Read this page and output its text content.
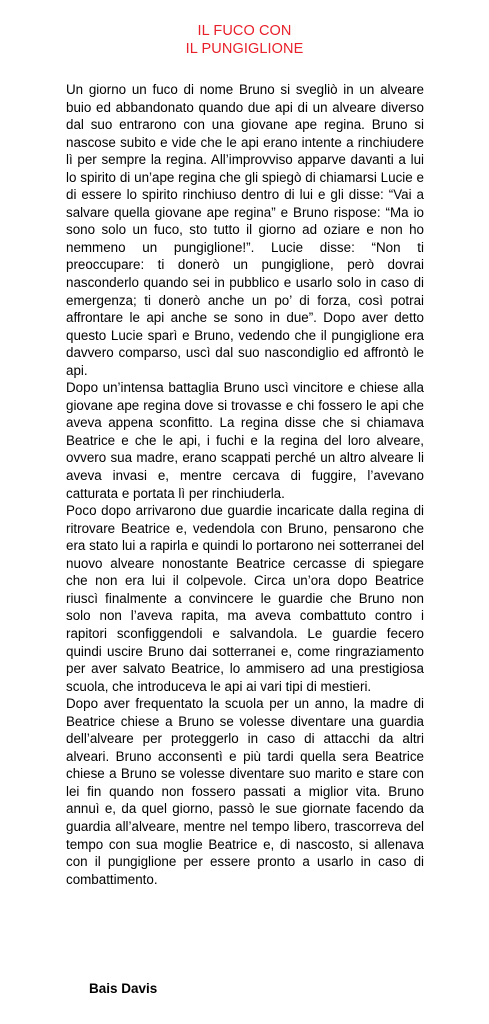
IL FUCO CON
IL PUNGIGLIONE

Un giorno un fuco di nome Bruno si svegliò in un alveare buio ed abbandonato quando due api di un alveare diverso dal suo entrarono con una giovane ape regina. Bruno si nascose subito e vide che le api erano intente a rinchiudere lì per sempre la regina. All’improvviso apparve davanti a lui lo spirito di un’ape regina che gli spiegò di chiamarsi Lucie e di essere lo spirito rinchiuso dentro di lui e gli disse: “Vai a salvare quella giovane ape regina” e Bruno rispose: “Ma io sono solo un fuco, sto tutto il giorno ad oziare e non ho nemmeno un pungiglione!”. Lucie disse: “Non ti preoccupare: ti donerò un pungiglione, però dovrai nasconderlo quando sei in pubblico e usarlo solo in caso di emergenza; ti donerò anche un po’ di forza, così potrai affrontare le api anche se sono in due”. Dopo aver detto questo Lucie sparì e Bruno, vedendo che il pungiglione era davvero comparso, uscì dal suo nascondiglio ed affrontò le api.

Dopo un’intensa battaglia Bruno uscì vincitore e chiese alla giovane ape regina dove si trovasse e chi fossero le api che aveva appena sconfitto. La regina disse che si chiamava Beatrice e che le api, i fuchi e la regina del loro alveare, ovvero sua madre, erano scappati perché un altro alveare li aveva invasi e, mentre cercava di fuggire, l’avevano catturata e portata lì per rinchiuderla.

Poco dopo arrivarono due guardie incaricate dalla regina di ritrovare Beatrice e, vedendola con Bruno, pensarono che era stato lui a rapirla e quindi lo portarono nei sotterranei del nuovo alveare nonostante Beatrice cercasse di spiegare che non era lui il colpevole. Circa un’ora dopo Beatrice riuscì finalmente a convincere le guardie che Bruno non solo non l’aveva rapita, ma aveva combattuto contro i rapitori sconfiggendoli e salvandola. Le guardie fecero quindi uscire Bruno dai sotterranei e, come ringraziamento per aver salvato Beatrice, lo ammisero ad una prestigiosa scuola, che introduceva le api ai vari tipi di mestieri.

Dopo aver frequentato la scuola per un anno, la madre di Beatrice chiese a Bruno se volesse diventare una guardia dell’alveare per proteggerlo in caso di attacchi da altri alveari. Bruno acconsentì e più tardi quella sera Beatrice chiese a Bruno se volesse diventare suo marito e stare con lei fin quando non fossero passati a miglior vita. Bruno annuì e, da quel giorno, passò le sue giornate facendo da guardia all’alveare, mentre nel tempo libero, trascorreva del tempo con sua moglie Beatrice e, di nascosto, si allenava con il pungiglione per essere pronto a usarlo in caso di combattimento.

Bais Davis
